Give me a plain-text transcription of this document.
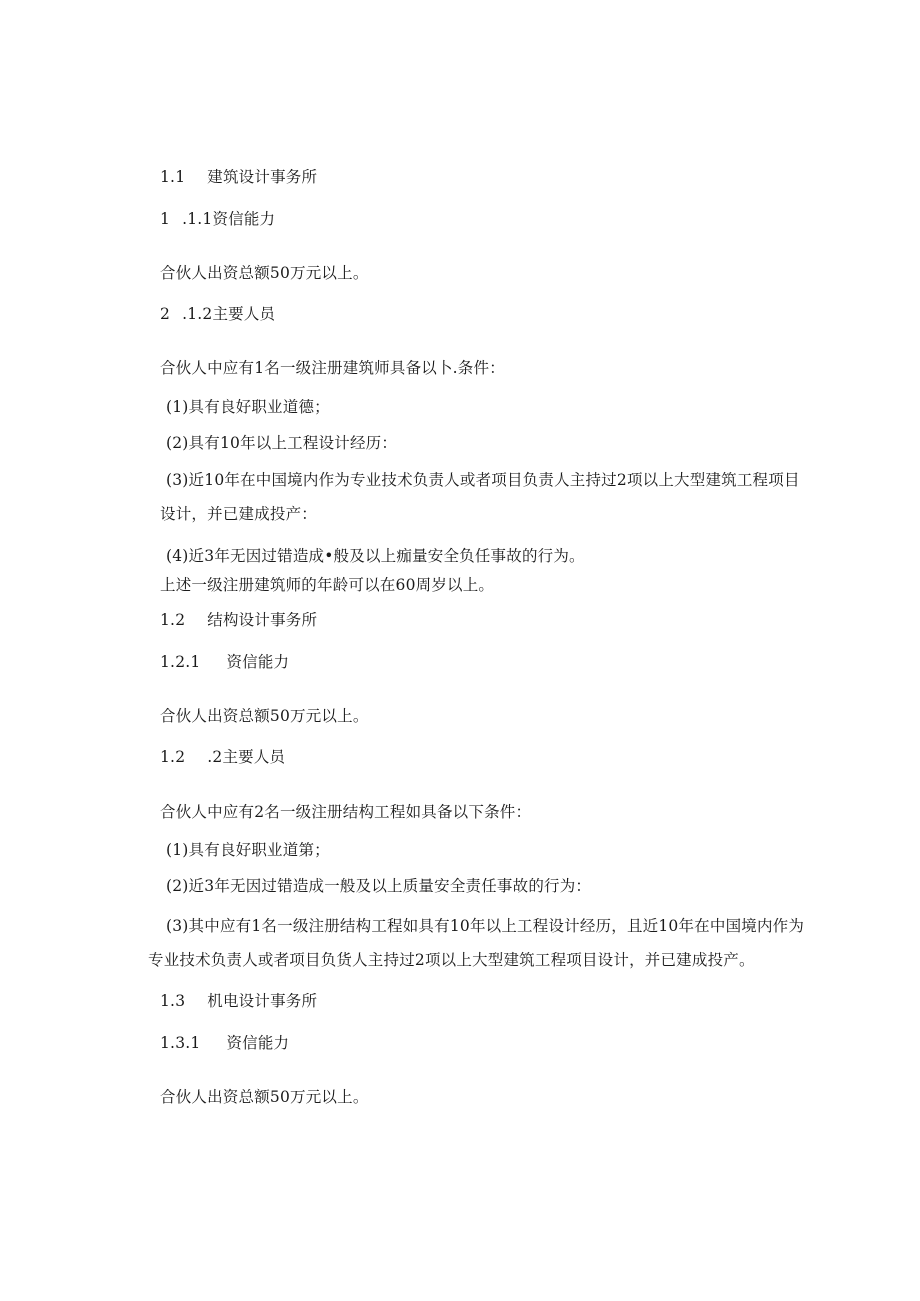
1.1 建筑设计事务所
1 .1.1资信能力
合伙人出资总额50万元以上。
2 .1.2主要人员
合伙人中应有1名一级注册建筑师具备以卜.条件：
(1)具有良好职业道德；
(2)具有10年以上工程设计经历：
(3)近10年在中国境内作为专业技术负责人或者项目负责人主持过2项以上大型建筑工程项目设计，并已建成投产：
(4)近3年无因过错造成•般及以上痂量安全负任事故的行为。
上述一级注册建筑师的年龄可以在60周岁以上。
1.2 结构设计事务所
1.2.1 资信能力
合伙人出资总额50万元以上。
1.2 .2主要人员
合伙人中应有2名一级注册结构工程如具备以下条件：
(1)具有良好职业道第；
(2)近3年无因过错造成一般及以上质量安全责任事故的行为：
(3)其中应有1名一级注册结构工程如具有10年以上工程设计经历，且近10年在中国境内作为专业技术负责人或者项目负货人主持过2项以上大型建筑工程项目设计，并已建成投产。
1.3 机电设计事务所
1.3.1 资信能力
合伙人出资总额50万元以上。
